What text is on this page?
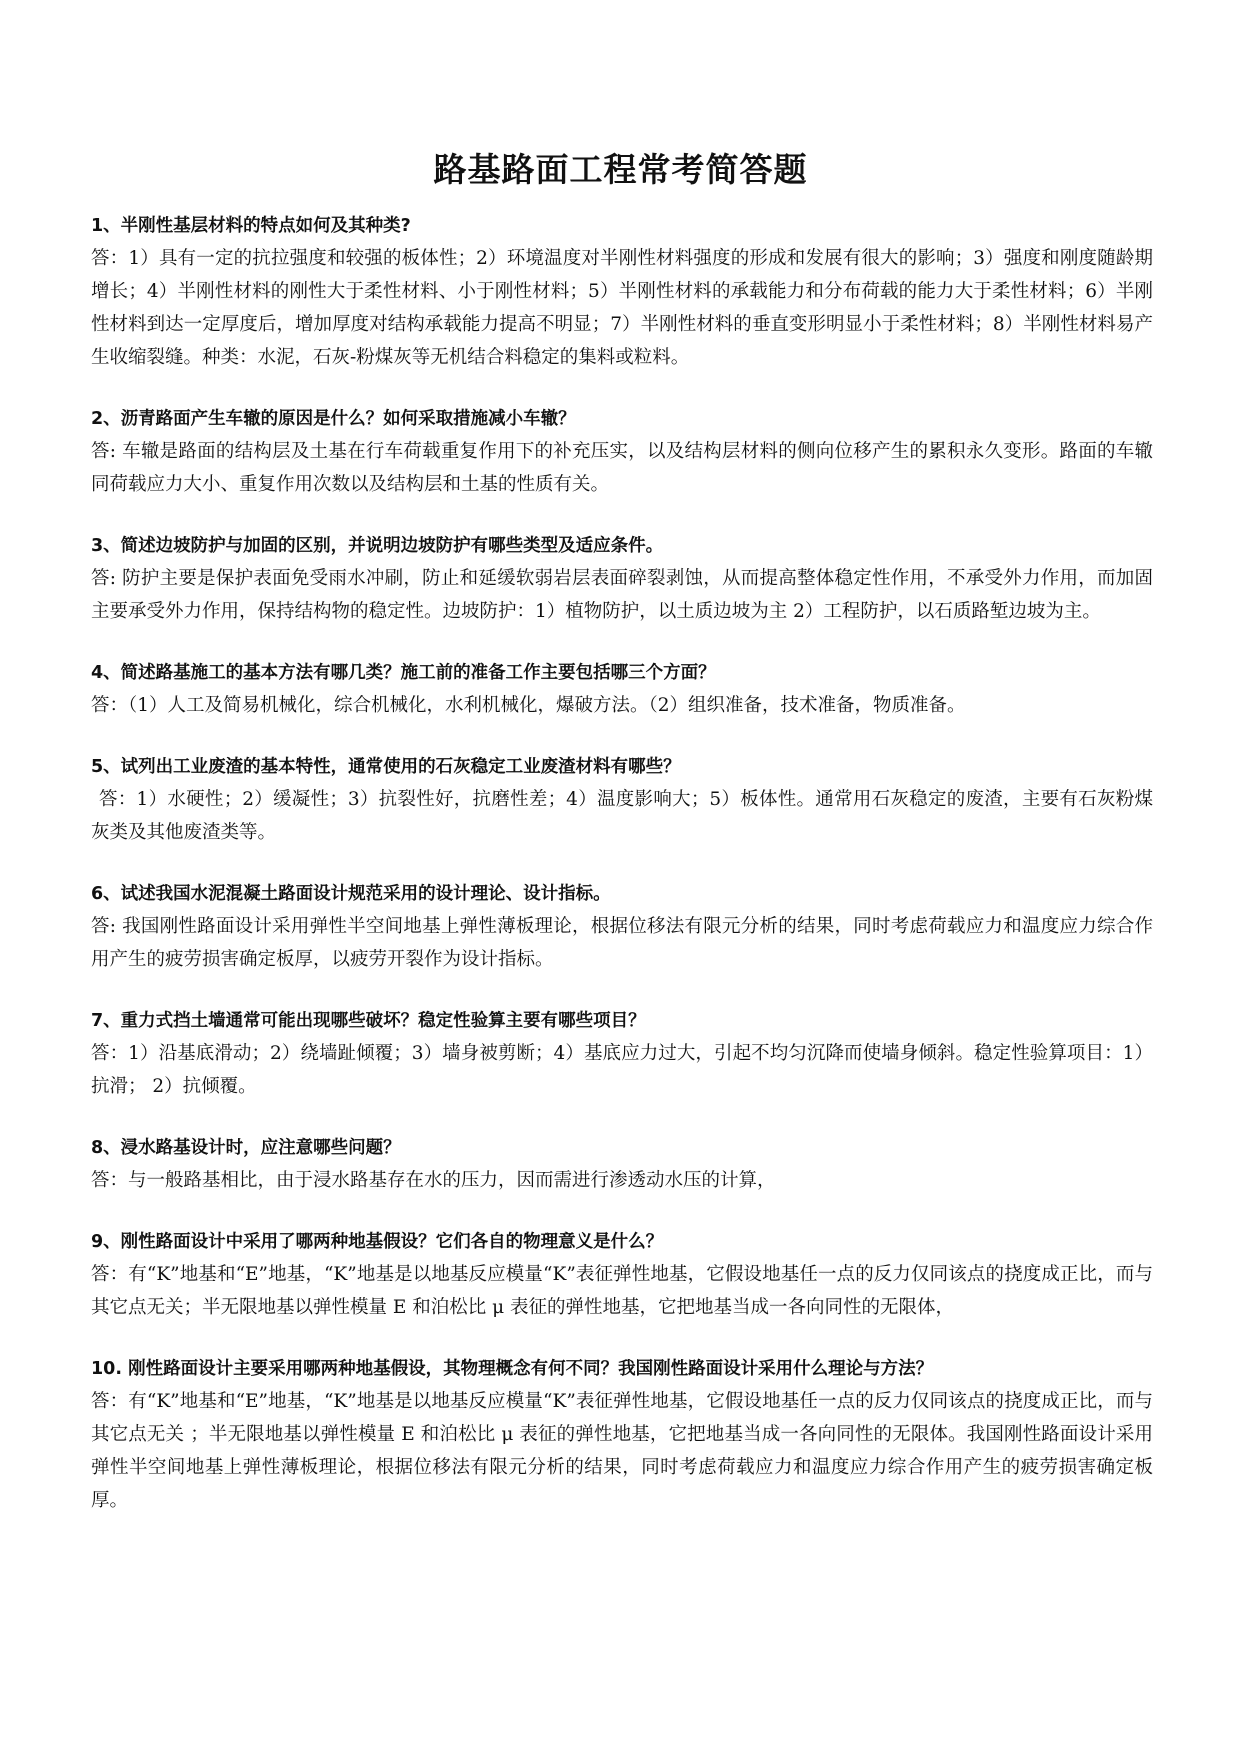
路基路面工程常考简答题
1、半刚性基层材料的特点如何及其种类?
答：1）具有一定的抗拉强度和较强的板体性；2）环境温度对半刚性材料强度的形成和发展有很大的影响；3）强度和刚度随龄期增长；4）半刚性材料的刚性大于柔性材料、小于刚性材料；5）半刚性材料的承载能力和分布荷载的能力大于柔性材料；6）半刚性材料到达一定厚度后，增加厚度对结构承载能力提高不明显；7）半刚性材料的垂直变形明显小于柔性材料；8）半刚性材料易产生收缩裂缝。种类：水泥，石灰-粉煤灰等无机结合料稳定的集料或粒料。
2、沥青路面产生车辙的原因是什么？如何采取措施减小车辙？
答: 车辙是路面的结构层及土基在行车荷载重复作用下的补充压实，以及结构层材料的侧向位移产生的累积永久变形。路面的车辙同荷载应力大小、重复作用次数以及结构层和土基的性质有关。
3、简述边坡防护与加固的区别，并说明边坡防护有哪些类型及适应条件。
答: 防护主要是保护表面免受雨水冲刷，防止和延缓软弱岩层表面碎裂剥蚀，从而提高整体稳定性作用，不承受外力作用，而加固主要承受外力作用，保持结构物的稳定性。边坡防护：1）植物防护，以土质边坡为主 2）工程防护，以石质路堑边坡为主。
4、简述路基施工的基本方法有哪几类？施工前的准备工作主要包括哪三个方面？
答：（1）人工及简易机械化，综合机械化，水利机械化，爆破方法。（2）组织准备，技术准备，物质准备。
5、试列出工业废渣的基本特性，通常使用的石灰稳定工业废渣材料有哪些？
答：1）水硬性；2）缓凝性；3）抗裂性好，抗磨性差；4）温度影响大；5）板体性。通常用石灰稳定的废渣，主要有石灰粉煤灰类及其他废渣类等。
6、试述我国水泥混凝土路面设计规范采用的设计理论、设计指标。
答: 我国刚性路面设计采用弹性半空间地基上弹性薄板理论，根据位移法有限元分析的结果，同时考虑荷载应力和温度应力综合作用产生的疲劳损害确定板厚，以疲劳开裂作为设计指标。
7、重力式挡土墙通常可能出现哪些破坏？稳定性验算主要有哪些项目？
答：1）沿基底滑动；2）绕墙趾倾覆；3）墙身被剪断；4）基底应力过大，引起不均匀沉降而使墙身倾斜。稳定性验算项目：1）抗滑； 2）抗倾覆。
8、浸水路基设计时，应注意哪些问题？
答：与一般路基相比，由于浸水路基存在水的压力，因而需进行渗透动水压的计算，
9、刚性路面设计中采用了哪两种地基假设？它们各自的物理意义是什么？
答：有“K”地基和“E”地基，“K”地基是以地基反应模量“K”表征弹性地基，它假设地基任一点的反力仅同该点的挠度成正比，而与其它点无关；半无限地基以弹性模量 E 和泊松比 μ 表征的弹性地基，它把地基当成一各向同性的无限体，
10. 刚性路面设计主要采用哪两种地基假设，其物理概念有何不同？我国刚性路面设计采用什么理论与方法？
答：有“K”地基和“E”地基，“K”地基是以地基反应模量“K”表征弹性地基，它假设地基任一点的反力仅同该点的挠度成正比，而与其它点无关 ；半无限地基以弹性模量 E 和泊松比 μ 表征的弹性地基，它把地基当成一各向同性的无限体。我国刚性路面设计采用弹性半空间地基上弹性薄板理论，根据位移法有限元分析的结果，同时考虑荷载应力和温度应力综合作用产生的疲劳损害确定板厚。
